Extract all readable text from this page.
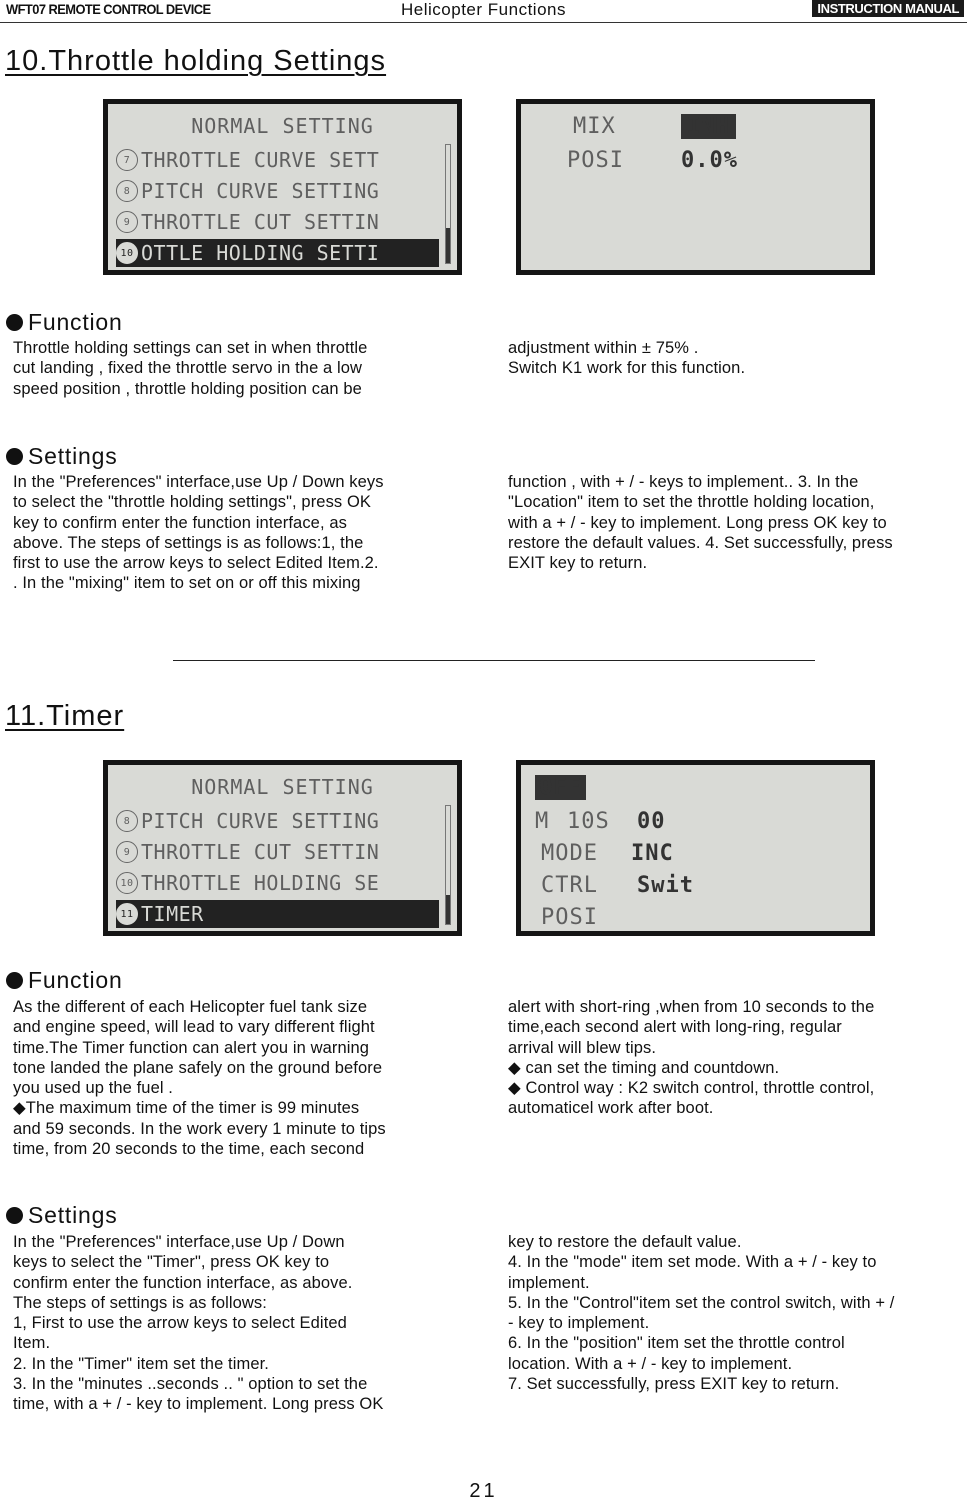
WFT07 REMOTE CONTROL DEVICE	Helicopter Functions	INSTRUCTION MANUAL
10.Throttle holding Settings
NORMAL SETTING
7 THROTTLE CURVE SETT
8 PITCH CURVE SETTING
9 THROTTLE CUT SETTIN
10 OTTLE HOLDING SETTI
MIX	INH
POSI	0.0%
Function
Throttle holding settings can set in when throttle
cut landing , fixed the throttle servo in the a low
speed position , throttle holding position can be
adjustment within ± 75% .
Switch K1 work for this function.
Settings
In the "Preferences" interface,use Up / Down keys
to select the "throttle holding settings", press OK
key to confirm enter the function interface, as
above. The steps of settings is as follows:1, the
first to use the arrow keys to select Edited Item.2.
. In the "mixing" item to set on or off this mixing
function , with + / - keys to implement.. 3. In the
"Location" item to set the throttle holding location,
with a + / - key to implement. Long press OK key to
restore the default values. 4. Set successfully, press
EXIT key to return.
11.Timer
NORMAL SETTING
8 PITCH CURVE SETTING
9 THROTTLE CUT SETTIN
10 THROTTLE HOLDING SE
11 TIMER
OFF
M 10S 00
MODE INC
CTRL Swit
POSI
Function
As the different of each Helicopter fuel tank size
and engine speed, will lead to vary different flight
time.The Timer function can alert you in warning
tone landed the plane safely on the ground before
you used up the fuel .
◆The maximum time of the timer is 99 minutes
and 59 seconds. In the work every 1 minute to tips
time, from 20 seconds to the time, each second
alert with short-ring ,when from 10 seconds to the
time,each second alert with long-ring, regular
arrival will blew tips.
◆ can set the timing and countdown.
◆ Control way : K2 switch control, throttle control,
automaticel work after boot.
Settings
In the "Preferences" interface,use Up / Down
keys to select the "Timer", press OK key to
confirm enter the function interface, as above.
The steps of settings is as follows:
1, First to use the arrow keys to select Edited
Item.
2. In the "Timer" item set the timer.
3. In the "minutes ..seconds .. " option to set the
time, with a + / - key to implement. Long press OK
key to restore the default value.
4. In the "mode" item set mode. With a + / - key to
implement.
5. In the "Control"item set the control switch, with + /
- key to implement.
6. In the "position" item set the throttle control
location. With a + / - key to implement.
7. Set successfully, press EXIT key to return.
21
